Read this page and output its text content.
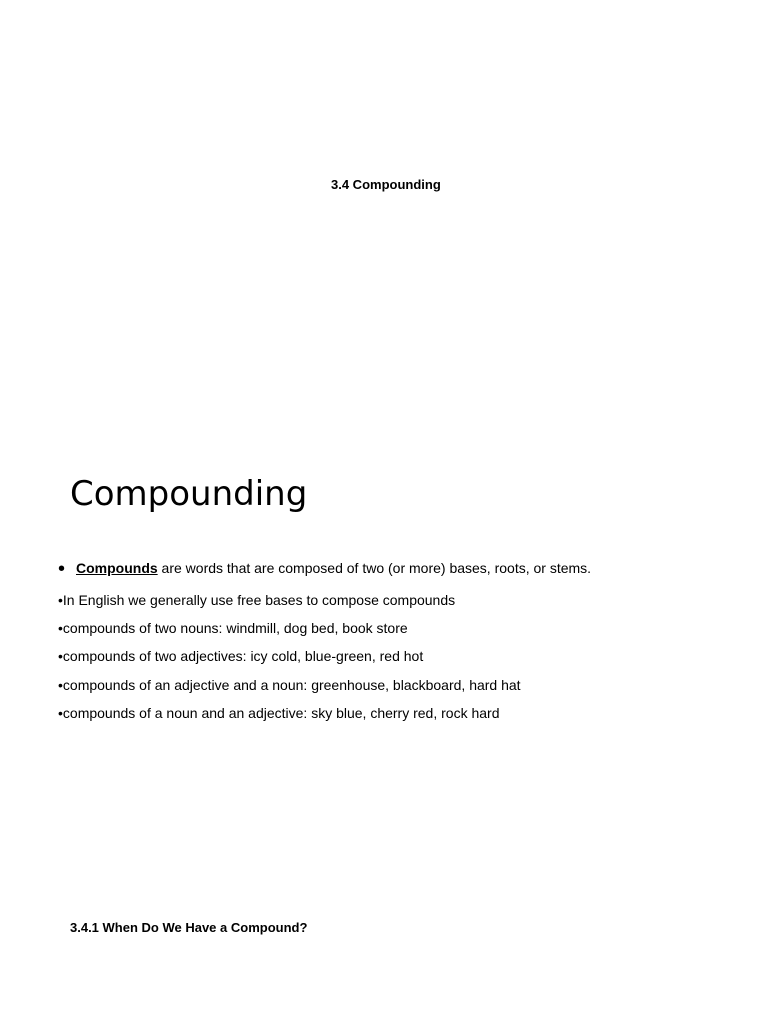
3.4 Compounding
Compounding
• Compounds are words that are composed of two (or more) bases, roots, or stems.
•In English we generally use free bases to compose compounds
•compounds of two nouns: windmill, dog bed, book store
•compounds of two adjectives: icy cold, blue-green, red hot
•compounds of an adjective and a noun: greenhouse, blackboard, hard hat
•compounds of a noun and an adjective: sky blue, cherry red, rock hard
3.4.1 When Do We Have a Compound?
